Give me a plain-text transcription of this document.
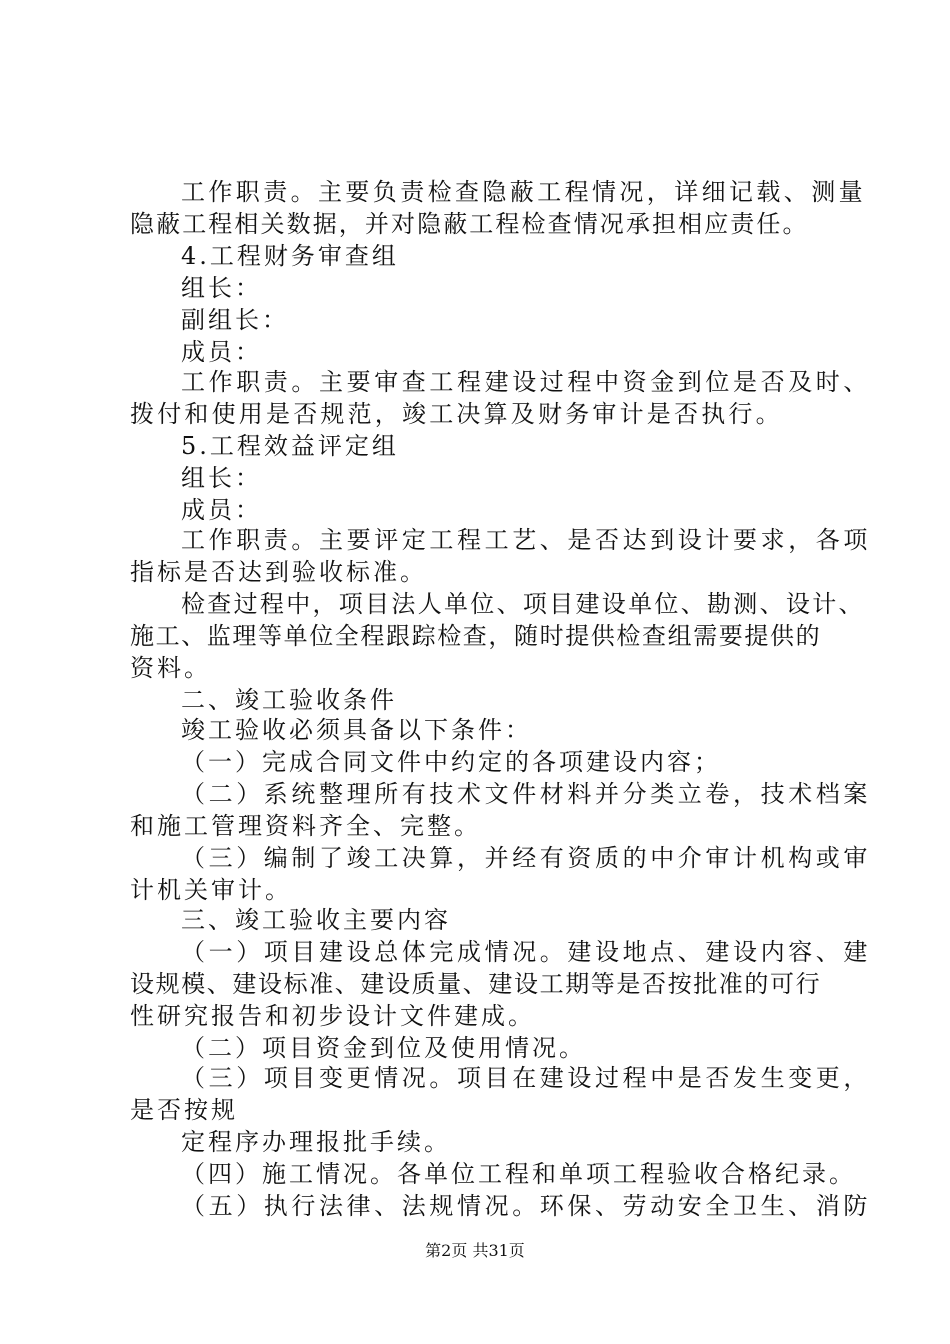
工作职责。主要负责检查隐蔽工程情况，详细记载、测量
隐蔽工程相关数据，并对隐蔽工程检查情况承担相应责任。
4.工程财务审查组
组长：
副组长：
成员：
工作职责。主要审查工程建设过程中资金到位是否及时、
拨付和使用是否规范，竣工决算及财务审计是否执行。
5.工程效益评定组
组长：
成员：
工作职责。主要评定工程工艺、是否达到设计要求，各项
指标是否达到验收标准。
检查过程中，项目法人单位、项目建设单位、勘测、设计、
施工、监理等单位全程跟踪检查，随时提供检查组需要提供的
资料。
二、竣工验收条件
竣工验收必须具备以下条件：
（一）完成合同文件中约定的各项建设内容；
（二）系统整理所有技术文件材料并分类立卷，技术档案
和施工管理资料齐全、完整。
（三）编制了竣工决算，并经有资质的中介审计机构或审
计机关审计。
三、竣工验收主要内容
（一）项目建设总体完成情况。建设地点、建设内容、建
设规模、建设标准、建设质量、建设工期等是否按批准的可行
性研究报告和初步设计文件建成。
（二）项目资金到位及使用情况。
（三）项目变更情况。项目在建设过程中是否发生变更，
是否按规
定程序办理报批手续。
（四）施工情况。各单位工程和单项工程验收合格纪录。
（五）执行法律、法规情况。环保、劳动安全卫生、消防
第2页 共31页
